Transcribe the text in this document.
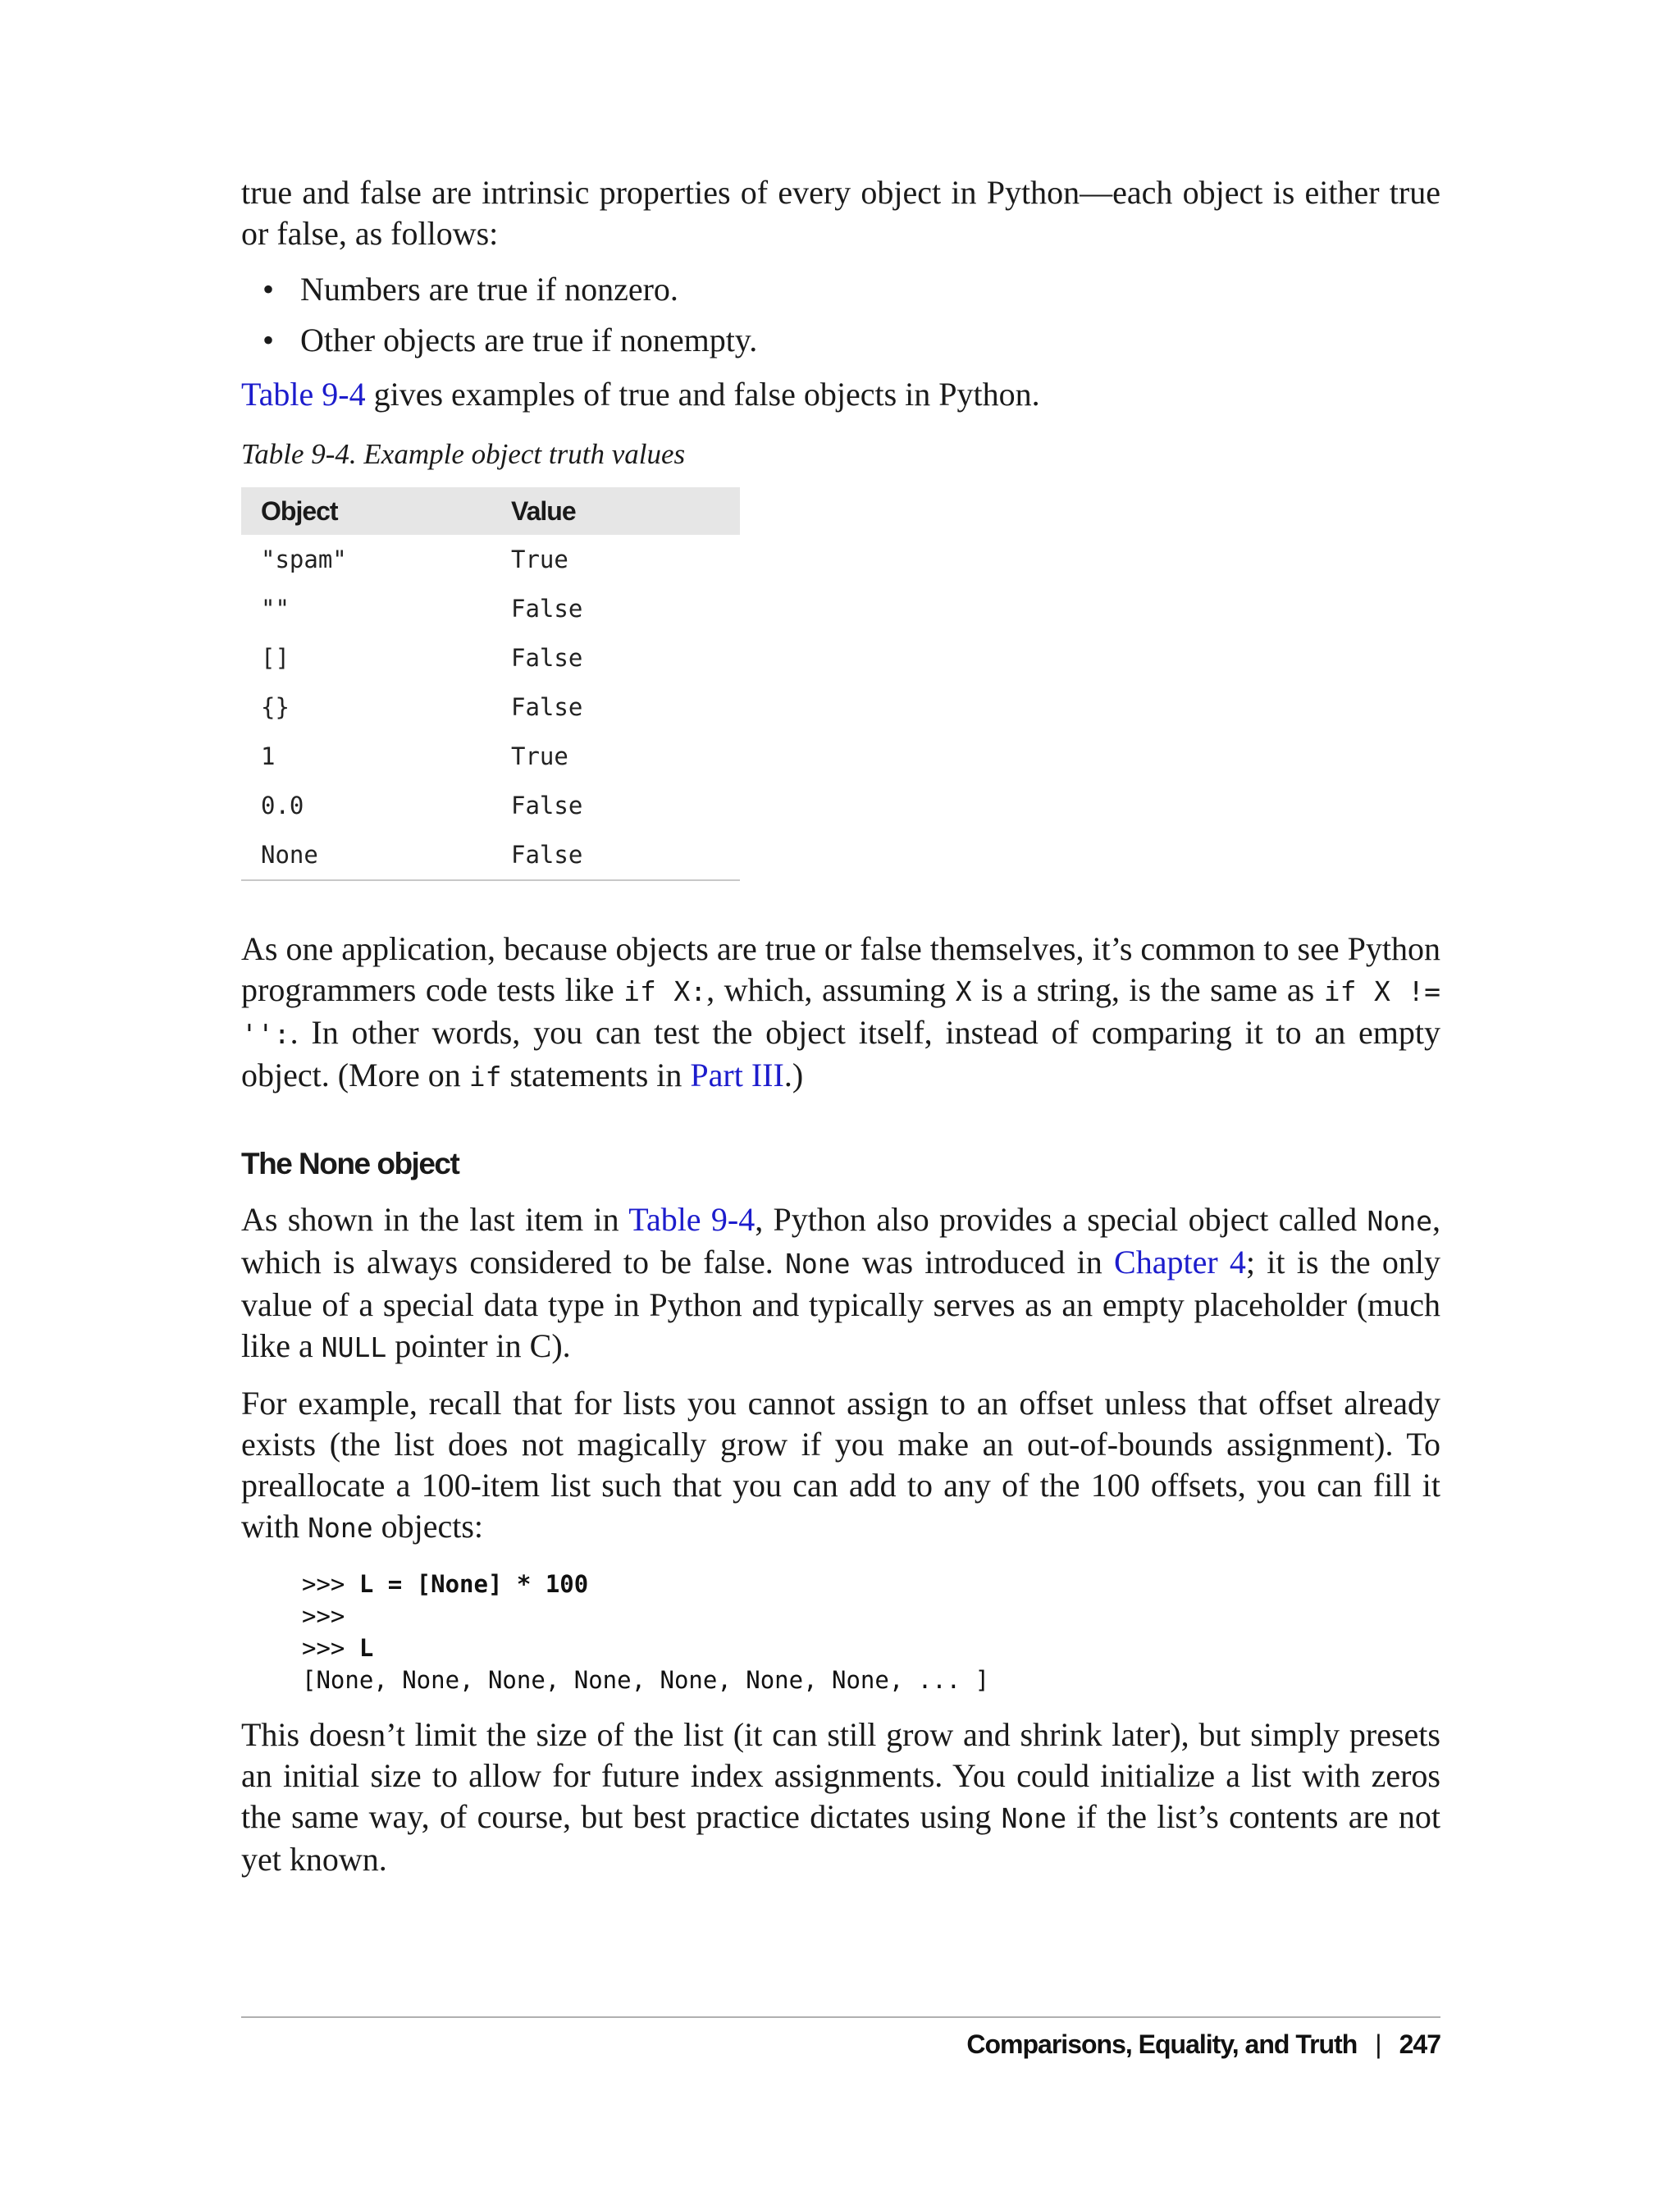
true and false are intrinsic properties of every object in Python—each object is either true or false, as follows:

• Numbers are true if nonzero.
• Other objects are true if nonempty.

Table 9-4 gives examples of true and false objects in Python.

Table 9-4. Example object truth values
Object	Value
"spam"	True
""	False
[]	False
{}	False
1	True
0.0	False
None	False

As one application, because objects are true or false themselves, it’s common to see Python programmers code tests like if X:, which, assuming X is a string, is the same as if X != '':. In other words, you can test the object itself, instead of comparing it to an empty object. (More on if statements in Part III.)

The None object

As shown in the last item in Table 9-4, Python also provides a special object called None, which is always considered to be false. None was introduced in Chapter 4; it is the only value of a special data type in Python and typically serves as an empty placeholder (much like a NULL pointer in C).

For example, recall that for lists you cannot assign to an offset unless that offset already exists (the list does not magically grow if you make an out-of-bounds assignment). To preallocate a 100-item list such that you can add to any of the 100 offsets, you can fill it with None objects:

>>> L = [None] * 100
>>>
>>> L
[None, None, None, None, None, None, None, ... ]

This doesn’t limit the size of the list (it can still grow and shrink later), but simply presets an initial size to allow for future index assignments. You could initialize a list with zeros the same way, of course, but best practice dictates using None if the list’s contents are not yet known.

Comparisons, Equality, and Truth | 247
